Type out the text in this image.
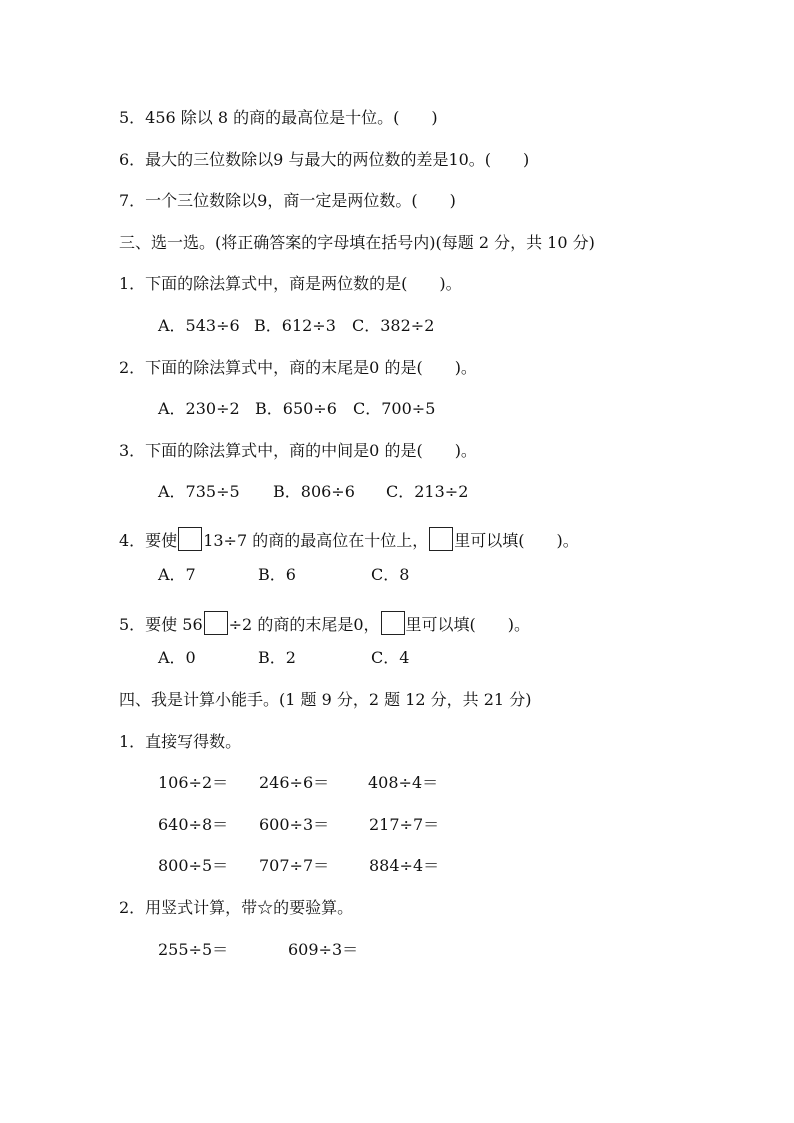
5．456 除以 8 的商的最高位是十位。(　　)
6．最大的三位数除以9 与最大的两位数的差是10。(　　)
7．一个三位数除以9，商一定是两位数。(　　)
三、选一选。(将正确答案的字母填在括号内)(每题 2 分，共 10 分)
1．下面的除法算式中，商是两位数的是(　　)。
A．543÷6 B．612÷3 C．382÷2
2．下面的除法算式中，商的末尾是0 的是(　　)。
A．230÷2 B．650÷6 C．700÷5
3．下面的除法算式中，商的中间是0 的是(　　)。
A．735÷5 B．806÷6 C．213÷2
4．要使 13÷7 的商的最高位在十位上， 里可以填(　　)。
A．7	B．6	C．8
5．要使 56 ÷2 的商的末尾是0， 里可以填(　　)。
A．0	B．2	C．4
四、我是计算小能手。(1 题 9 分，2 题 12 分，共 21 分)
1．直接写得数。
106÷2＝ 246÷6＝ 408÷4＝
640÷8＝ 600÷3＝ 217÷7＝
800÷5＝ 707÷7＝ 884÷4＝
2．用竖式计算，带☆的要验算。
255÷5＝	609÷3＝
